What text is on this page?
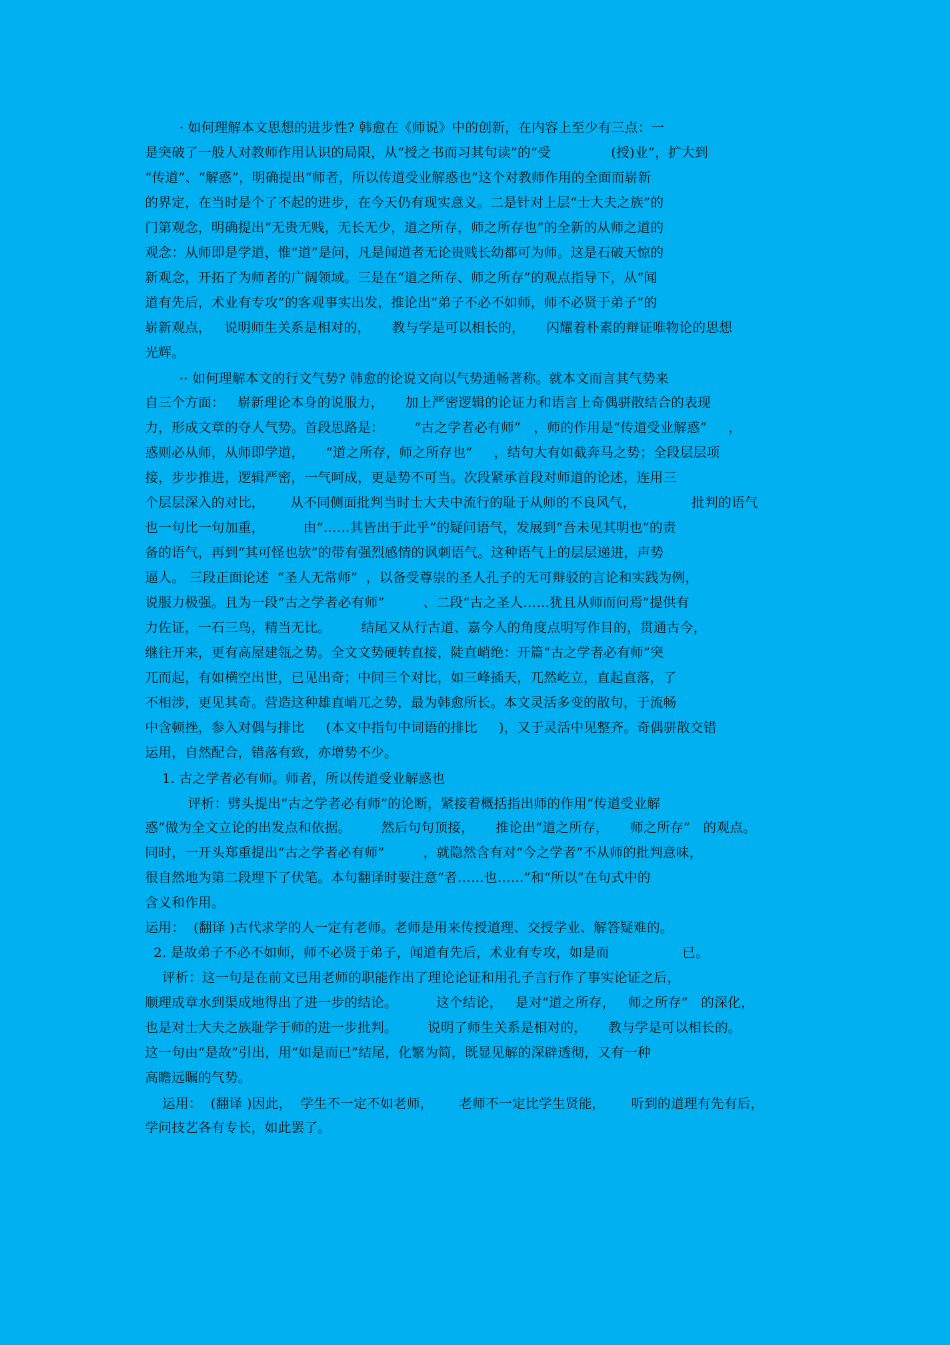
· 如何理解本文思想的进步性? 韩愈在《师说》中的创新，在内容上至少有三点：一
是突破了一般人对教师作用认识的局限，从“授之书而习其句读”的“受              (授)业”，扩大到
“传道”、“解惑”，明确提出“师者，所以传道受业解惑也”这个对教师作用的全面而崭新
的界定，在当时是个了不起的进步，在今天仍有现实意义。二是针对上层“士大夫之族”的
门第观念，明确提出“无贵无贱，无长无少，道之所存，师之所存也”的全新的从师之道的
观念：从师即是学道，惟“道”是问，凡是闻道者无论贵贱长幼都可为师。这是石破天惊的
新观念，开拓了为师者的广阔领域。三是在“道之所存、师之所存”的观点指导下，从“闻
道有先后，术业有专攻”的客观事实出发，推论出“弟子不必不如师，师不必贤于弟子”的
崭新观点，   说明师生关系是相对的，     教与学是可以相长的，     闪耀着朴素的辩证唯物论的思想
光辉。
·· 如何理解本文的行文气势? 韩愈的论说文向以气势通畅著称。就本文而言其气势来
自三个方面：   崭新理论本身的说服力，     加上严密逻辑的论证力和语言上奇偶骈散结合的表现
力，形成文章的夺人气势。首段思路是：       “古之学者必有师”   ，师的作用是“传道受业解惑”     ，
惑则必从师，从师即学道，     “道之所存，师之所存也”     ，结句大有如截奔马之势；全段层层项
接，步步推进，逻辑严密，一气呵成，更是势不可当。次段紧承首段对师道的论述，连用三
个层层深入的对比，      从不同侧面批判当时士大夫中流行的耻于从师的不良风气，             批判的语气
也一句比一句加重，         由“……其皆出于此乎”的疑问语气，发展到“吾未见其明也”的责
备的语气，再到“其可怪也欤”的带有强烈感情的讽刺语气。这种语气上的层层递进，声势
逼人。 三段正面论述  “圣人无常师”  ，以备受尊崇的圣人孔子的无可辩驳的言论和实践为例，
说服力极强。且为一段“古之学者必有师”         、二段“古之圣人……犹且从师而问焉”提供有
力佐证，一石三鸟，精当无比。       结尾又从行古道、嘉今人的角度点明写作目的，贯通古今，
继往开来，更有高屋建瓴之势。全文文势硬转直接，陡直峭绝：开篇“古之学者必有师”突
兀而起，有如横空出世，已见出奇；中间三个对比，如三峰插天，兀然屹立，直起直落，了
不相涉，更见其奇。营造这种雄直峭兀之势，最为韩愈所长。本文灵活多变的散句，于流畅
中含顿挫，参入对偶与排比     (本文中指句中词语的排比     )，又于灵活中见整齐。奇偶骈散交错
运用，自然配合，错落有致，亦增势不少。
1. 古之学者必有师。师者，所以传道受业解惑也
评析：劈头提出“古之学者必有师”的论断，紧接着概括指出师的作用“传道受业解
惑”做为全文立论的出发点和依据。       然后句句顶接，     推论出“道之所存，     师之所存”   的观点。
同时，一开头郑重提出“古之学者必有师”         ，就隐然含有对“今之学者”不从师的批判意味，
很自然地为第二段埋下了伏笔。本句翻译时要注意“者……也……”和“所以”在句式中的
含义和作用。
运用：  (翻译 )古代求学的人一定有老师。老师是用来传授道理、交授学业、解答疑难的。
2. 是故弟子不必不如师，师不必贤于弟子，闻道有先后，术业有专攻，如是而                 已。
评析：这一句是在前文已用老师的职能作出了理论论证和用孔子言行作了事实论证之后，
顺理成章水到渠成地得出了进一步的结论。         这个结论，   是对“道之所存，   师之所存”   的深化，
也是对士大夫之族耻学于师的进一步批判。       说明了师生关系是相对的，     教与学是可以相长的。
这一句由“是故”引出，用“如是而已”结尾，化繁为简，既显见解的深辟透彻，又有一种
高瞻远瞩的气势。
运用：  (翻译 )因此，  学生不一定不如老师，      老师不一定比学生贤能，      听到的道理有先有后，
学问技艺各有专长，如此罢了。
